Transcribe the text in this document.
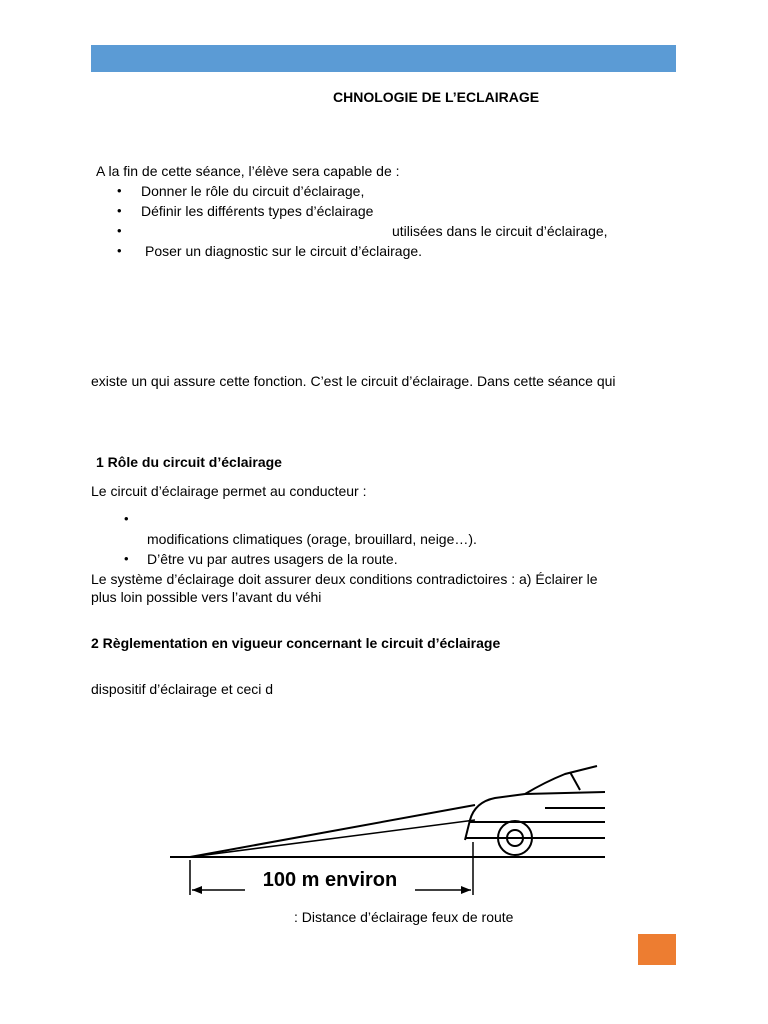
CHNOLOGIE DE L’ECLAIRAGE
A la fin de cette séance, l’élève sera capable de :
• Donner le rôle du circuit d’éclairage,
• Définir les différents types d’éclairage
•	utilisées dans le circuit d’éclairage,
• Poser un diagnostic sur le circuit d’éclairage.
existe un qui assure cette fonction. C’est le circuit d’éclairage. Dans cette séance qui
1 Rôle du circuit d’éclairage
Le circuit d’éclairage permet au conducteur :
•
modifications climatiques (orage, brouillard, neige…).
• D’être vu par autres usagers de la route.
Le système d’éclairage doit assurer deux conditions contradictoires : a) Éclairer le
plus loin possible vers l’avant du véhi
2 Règlementation en vigueur concernant le circuit d’éclairage
dispositif d’éclairage et ceci d
100 m environ
: Distance d’éclairage feux de route
